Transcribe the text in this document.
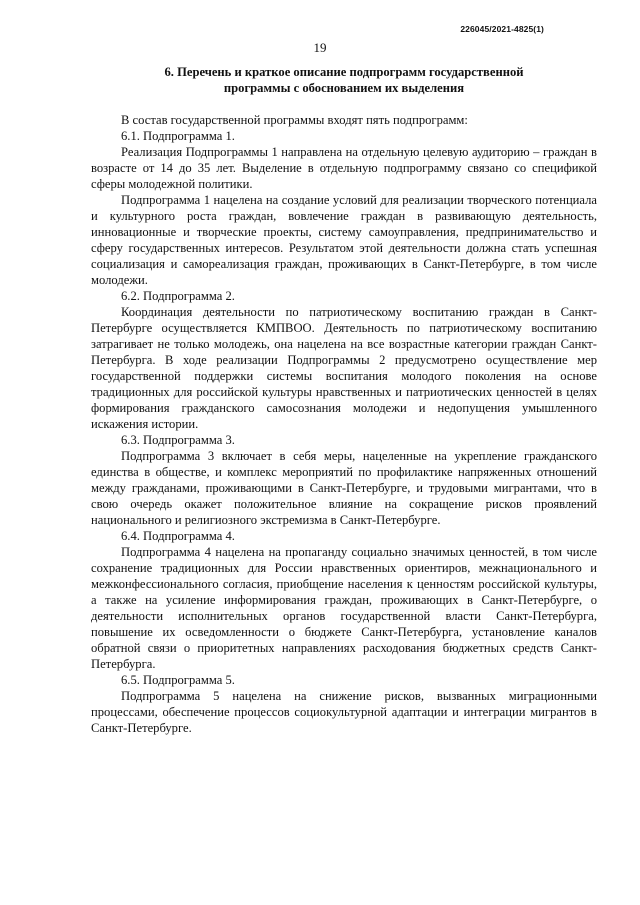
226045/2021-4825(1)
19
6. Перечень и краткое описание подпрограмм государственной
программы с обоснованием их выделения

В состав государственной программы входят пять подпрограмм:

6.1. Подпрограмма 1.

Реализация Подпрограммы 1 направлена на отдельную целевую аудиторию – граждан в возрасте от 14 до 35 лет. Выделение в отдельную подпрограмму связано со спецификой сферы молодежной политики.

Подпрограмма 1 нацелена на создание условий для реализации творческого потенциала и культурного роста граждан, вовлечение граждан в развивающую деятельность, инновационные и творческие проекты, систему самоуправления, предпринимательство и сферу государственных интересов. Результатом этой деятельности должна стать успешная социализация и самореализация граждан, проживающих в Санкт-Петербурге, в том числе молодежи.

6.2. Подпрограмма 2.

Координация деятельности по патриотическому воспитанию граждан в Санкт-Петербурге осуществляется КМПВОО. Деятельность по патриотическому воспитанию затрагивает не только молодежь, она нацелена на все возрастные категории граждан Санкт-Петербурга. В ходе реализации Подпрограммы 2 предусмотрено осуществление мер государственной поддержки системы воспитания молодого поколения на основе традиционных для российской культуры нравственных и патриотических ценностей в целях формирования гражданского самосознания молодежи и недопущения умышленного искажения истории.

6.3. Подпрограмма 3.

Подпрограмма 3 включает в себя меры, нацеленные на укрепление гражданского единства в обществе, и комплекс мероприятий по профилактике напряженных отношений между гражданами, проживающими в Санкт-Петербурге, и трудовыми мигрантами, что в свою очередь окажет положительное влияние на сокращение рисков проявлений национального и религиозного экстремизма в Санкт-Петербурге.

6.4. Подпрограмма 4.

Подпрограмма 4 нацелена на пропаганду социально значимых ценностей, в том числе сохранение традиционных для России нравственных ориентиров, межнационального и межконфессионального согласия, приобщение населения к ценностям российской культуры, а также на усиление информирования граждан, проживающих в Санкт-Петербурге, о деятельности исполнительных органов государственной власти Санкт-Петербурга, повышение их осведомленности о бюджете Санкт-Петербурга, установление каналов обратной связи о приоритетных направлениях расходования бюджетных средств Санкт-Петербурга.

6.5. Подпрограмма 5.

Подпрограмма 5 нацелена на снижение рисков, вызванных миграционными процессами, обеспечение процессов социокультурной адаптации и интеграции мигрантов в Санкт-Петербурге.
